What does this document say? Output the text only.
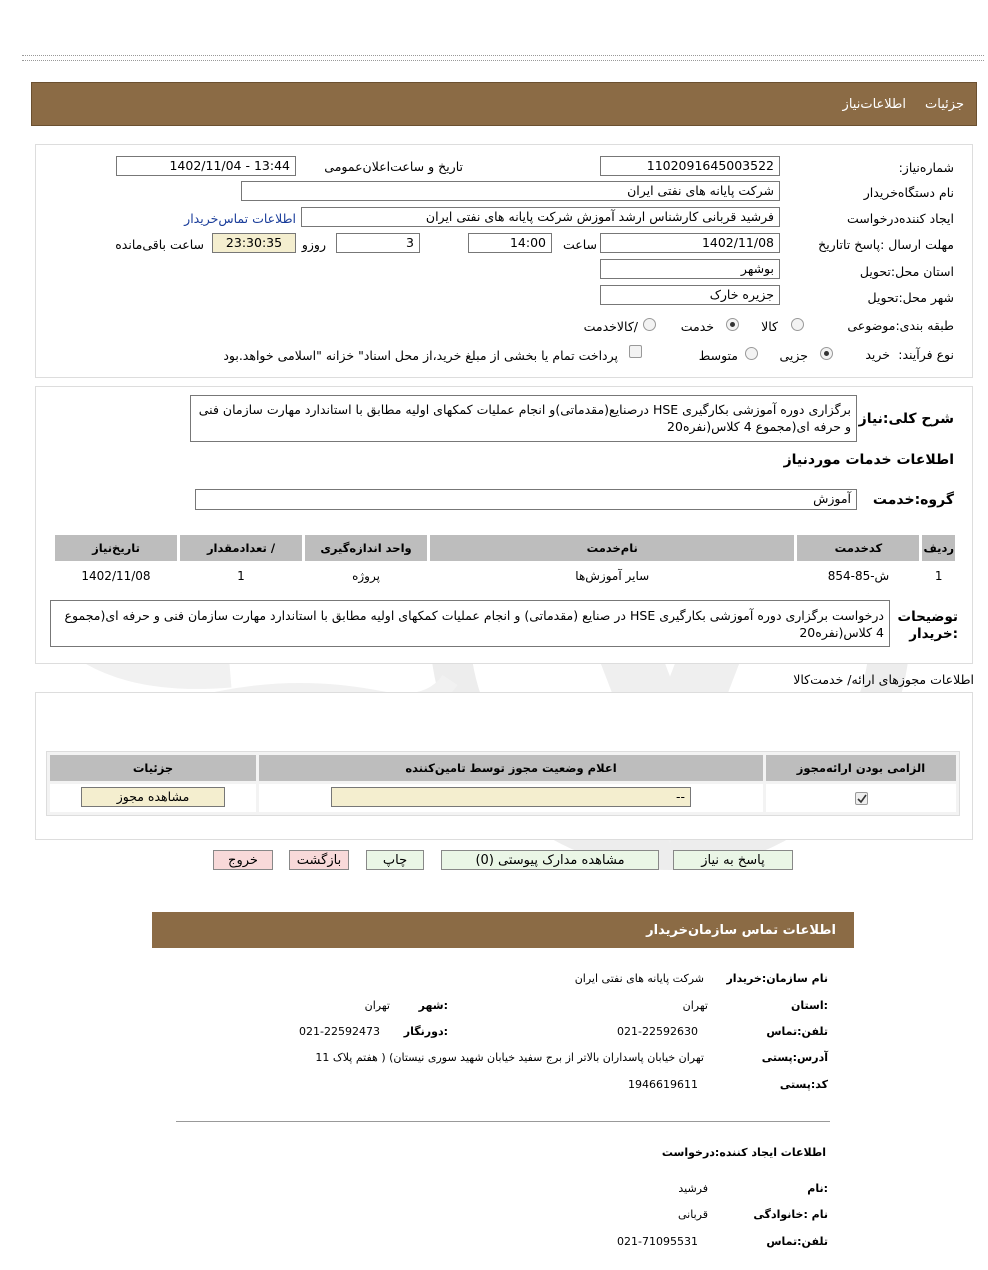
جزئیات
اطلاعات‌نیاز
شماره‌نیاز:
1102091645003522
تاریخ و ساعت‌اعلان‌عمومی
1402/11/04 - 13:44
نام دستگاه‌خریدار
شرکت پایانه های نفتی ایران
ایجاد کننده‌درخواست
فرشید قربانی کارشناس ارشد آموزش شرکت پایانه های نفتی ایران
اطلاعات تماس‌خریدار
مهلت ارسال :پاسخ تا‌تاریخ
1402/11/08
ساعت
14:00
3
روزو
23:30:35
ساعت باقی‌مانده
استان محل:تحویل
بوشهر
شهر محل:تحویل
جزیره خارک
طبقه بندی:موضوعی
کالا
خدمت
/کالاخدمت
نوع فرآیند:
خرید
جزیی
متوسط
پرداخت تمام یا بخشی از مبلغ خرید،از محل اسناد" خزانه "اسلامی خواهد.بود
شرح کلی:نیاز
برگزاری دوره آموزشی بکارگیری HSE درصنایع(مقدماتی)و انجام عملیات کمکهای اولیه مطابق با استاندارد مهارت سازمان فنی و حرفه ای(مجموع 4 کلاس(نفره20
اطلاعات خدمات موردنیاز
گروه:خدمت
آموزش
ردیف	کدخدمت	نام‌خدمت	واحد اندازه‌گیری	/ تعدادمقدار	تاریخ‌نیاز
1	ش-85-854	سایر آموزش‌ها	پروژه	1	1402/11/08
توضیحات :خریدار
درخواست برگزاری دوره آموزشی بکارگیری HSE در صنایع (مقدماتی) و انجام عملیات کمکهای اولیه مطابق با استاندارد مهارت سازمان فنی و حرفه ای(مجموع 4 کلاس(نفره20
اطلاعات مجوزهای ارائه/ خدمت‌کالا
الزامی بودن ارائه‌مجوز	اعلام وضعیت مجوز توسط تامین‌کننده	جزئیات

	--	مشاهده مجوز
پاسخ به نیاز
مشاهده مدارک پیوستی (0)
چاپ
بازگشت
خروج
اطلاعات تماس سازمان‌خریدار
نام سازمان:خریدار
شرکت پایانه های نفتی ایران
:استان
تهران
:شهر
تهران
تلفن:تماس
021-22592630
:دورنگار
021-22592473
آدرس:پستی
تهران خیابان پاسداران بالاتر از برج سفید خیابان شهید سوری نیستان) ( هفتم پلاک 11
کد:پستی
1946619611
اطلاعات ایجاد کننده:درخواست
:نام
فرشید
نام :خانوادگی
قربانی
تلفن:تماس
021-71095531
